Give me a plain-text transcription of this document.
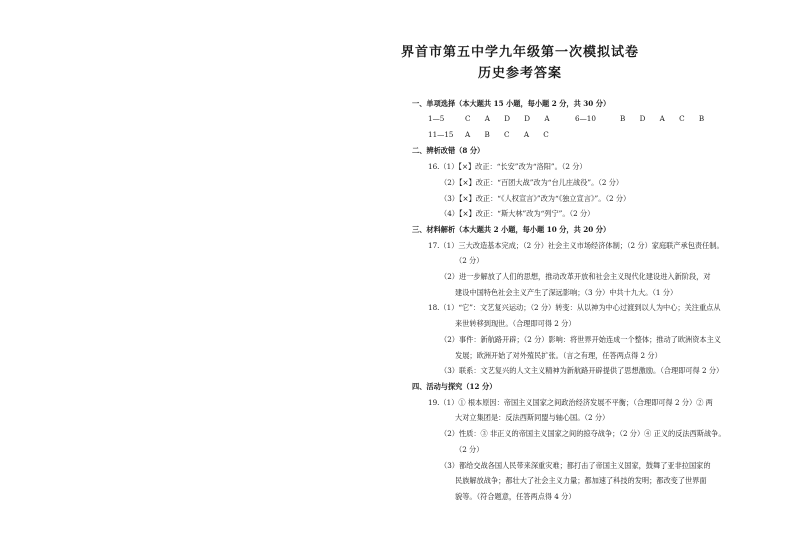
界首市第五中学九年级第一次模拟试卷
历史参考答案
一、单项选择（本大题共 15 小题，每小题 2 分，共 30 分）
1—5	C A D D A	6—10	B D A C B
11—15 A B C A C
二、辨析改错（8 分）
16.（1）【×】改正：“长安”改为“洛阳”。（2 分）
（2）【×】改正：“百团大战”改为“台儿庄战役”。（2 分）
（3）【×】改正：“《人权宣言》”改为“《独立宣言》”。（2 分）
（4）【×】改正：“斯大林”改为“列宁”。（2 分）
三、材料解析（本大题共 2 小题，每小题 10 分，共 20 分）
17.（1）三大改造基本完成；（2 分）社会主义市场经济体制；（2 分）家庭联产承包责任制。
（2 分）
（2）进一步解放了人们的思想，推动改革开放和社会主义现代化建设进入新阶段，对
建设中国特色社会主义产生了深远影响；（3 分）中共十九大。（1 分）
18.（1）“它”：文艺复兴运动；（2 分）转变：从以神为中心过渡到以人为中心；关注重点从
来世转移到现世。（合理即可得 2 分）
（2）事件：新航路开辟；（2 分）影响：将世界开始连成一个整体；推动了欧洲资本主义
发展；欧洲开始了对外殖民扩张。（言之有理，任答两点得 2 分）
（3）联系：文艺复兴的人文主义精神为新航路开辟提供了思想激励。（合理即可得 2 分）
四、活动与探究（12 分）
19.（1）① 根本原因：帝国主义国家之间政治经济发展不平衡；（合理即可得 2 分）② 两
大对立集团是：反法西斯同盟与轴心国。（2 分）
（2）性质：③ 非正义的帝国主义国家之间的掠夺战争；（2 分）④ 正义的反法西斯战争。
（2 分）
（3）都给交战各国人民带来深重灾难；都打击了帝国主义国家，鼓舞了亚非拉国家的
民族解放战争；都壮大了社会主义力量；都加速了科技的发明；都改变了世界面
貌等。（符合题意，任答两点得 4 分）
